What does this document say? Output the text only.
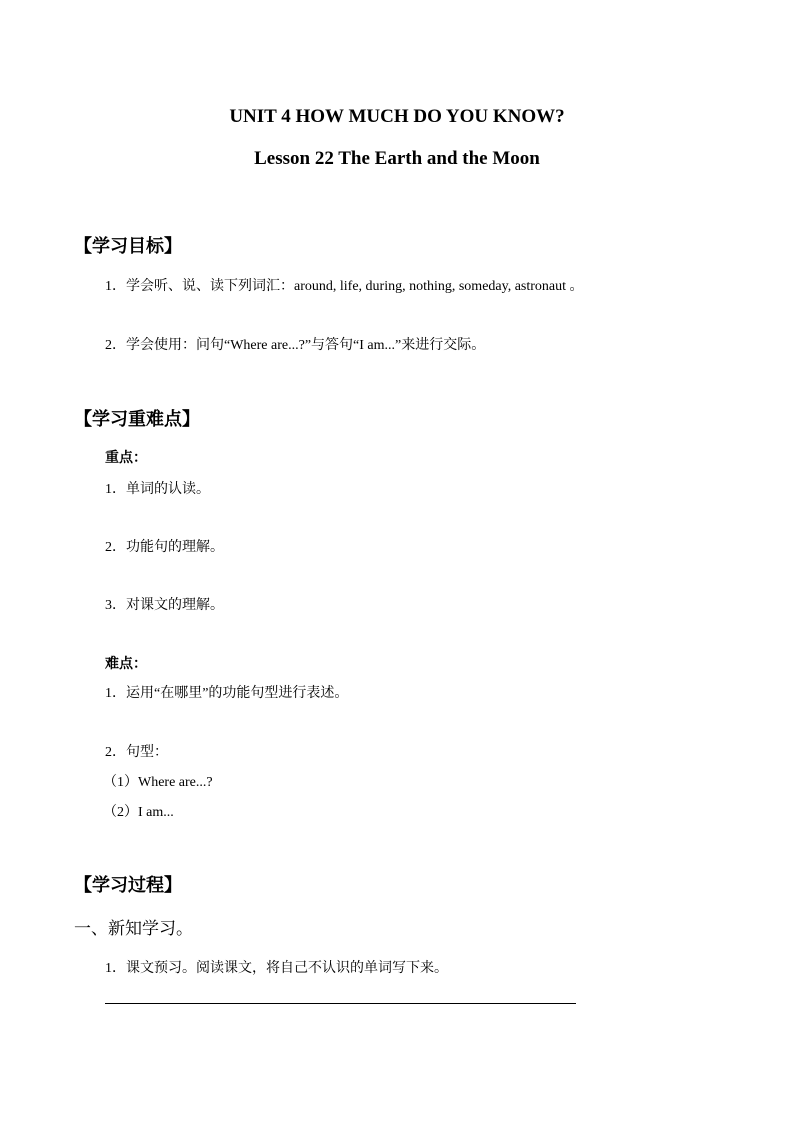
UNIT 4 HOW MUCH DO YOU KNOW?
Lesson 22 The Earth and the Moon
【学习目标】
1．学会听、说、读下列词汇：around, life, during, nothing, someday, astronaut 。
2．学会使用：问句“Where are...?”与答句“I am...”来进行交际。
【学习重难点】
重点：
1．单词的认读。
2．功能句的理解。
3．对课文的理解。
难点：
1．运用“在哪里”的功能句型进行表述。
2．句型：
（1）Where are...?
（2）I am...
【学习过程】
一、新知学习。
1．课文预习。阅读课文，将自己不认识的单词写下来。
